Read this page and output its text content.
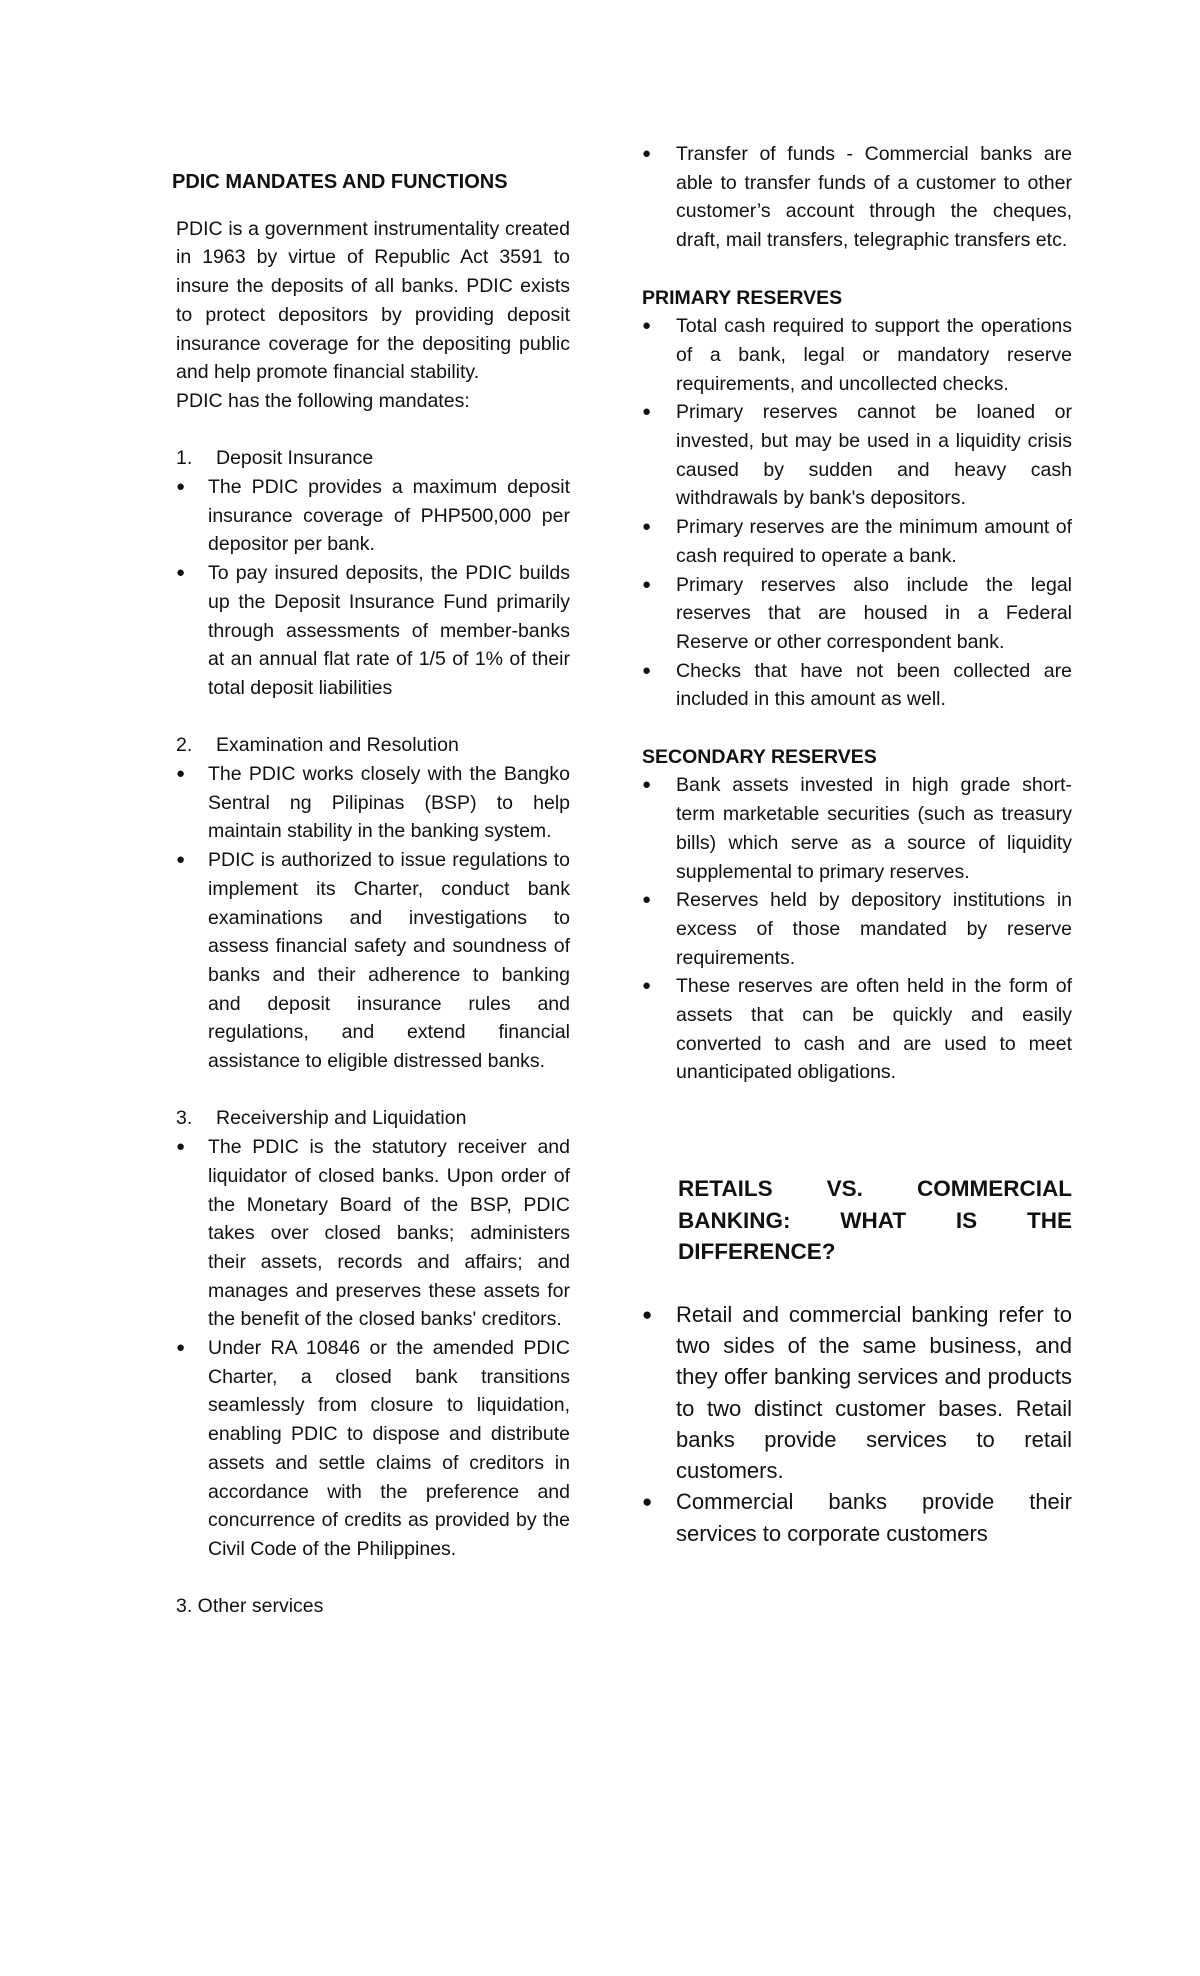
PDIC MANDATES AND FUNCTIONS

PDIC is a government instrumentality created in 1963 by virtue of Republic Act 3591 to insure the deposits of all banks. PDIC exists to protect depositors by providing deposit insurance coverage for the depositing public and help promote financial stability.

PDIC has the following mandates:

1. Deposit Insurance

● The PDIC provides a maximum deposit insurance coverage of PHP500,000 per depositor per bank.
● To pay insured deposits, the PDIC builds up the Deposit Insurance Fund primarily through assessments of member-banks at an annual flat rate of 1/5 of 1% of their total deposit liabilities

2. Examination and Resolution

● The PDIC works closely with the Bangko Sentral ng Pilipinas (BSP) to help maintain stability in the banking system.
● PDIC is authorized to issue regulations to implement its Charter, conduct bank examinations and investigations to assess financial safety and soundness of banks and their adherence to banking and deposit insurance rules and regulations, and extend financial assistance to eligible distressed banks.

3. Receivership and Liquidation

● The PDIC is the statutory receiver and liquidator of closed banks. Upon order of the Monetary Board of the BSP, PDIC takes over closed banks; administers their assets, records and affairs; and manages and preserves these assets for the benefit of the closed banks' creditors.
● Under RA 10846 or the amended PDIC Charter, a closed bank transitions seamlessly from closure to liquidation, enabling PDIC to dispose and distribute assets and settle claims of creditors in accordance with the preference and concurrence of credits as provided by the Civil Code of the Philippines.

3. Other services

● Transfer of funds - Commercial banks are able to transfer funds of a customer to other customer’s account through the cheques, draft, mail transfers, telegraphic transfers etc.

PRIMARY RESERVES

● Total cash required to support the operations of a bank, legal or mandatory reserve requirements, and uncollected checks.
● Primary reserves cannot be loaned or invested, but may be used in a liquidity crisis caused by sudden and heavy cash withdrawals by bank's depositors.
● Primary reserves are the minimum amount of cash required to operate a bank.
● Primary reserves also include the legal reserves that are housed in a Federal Reserve or other correspondent bank.
● Checks that have not been collected are included in this amount as well.

SECONDARY RESERVES

● Bank assets invested in high grade short-term marketable securities (such as treasury bills) which serve as a source of liquidity supplemental to primary reserves.
● Reserves held by depository institutions in excess of those mandated by reserve requirements.
● These reserves are often held in the form of assets that can be quickly and easily converted to cash and are used to meet unanticipated obligations.

RETAILS VS. COMMERCIAL BANKING: WHAT IS THE DIFFERENCE?

● Retail and commercial banking refer to two sides of the same business, and they offer banking services and products to two distinct customer bases. Retail banks provide services to retail customers.
● Commercial banks provide their services to corporate customers
